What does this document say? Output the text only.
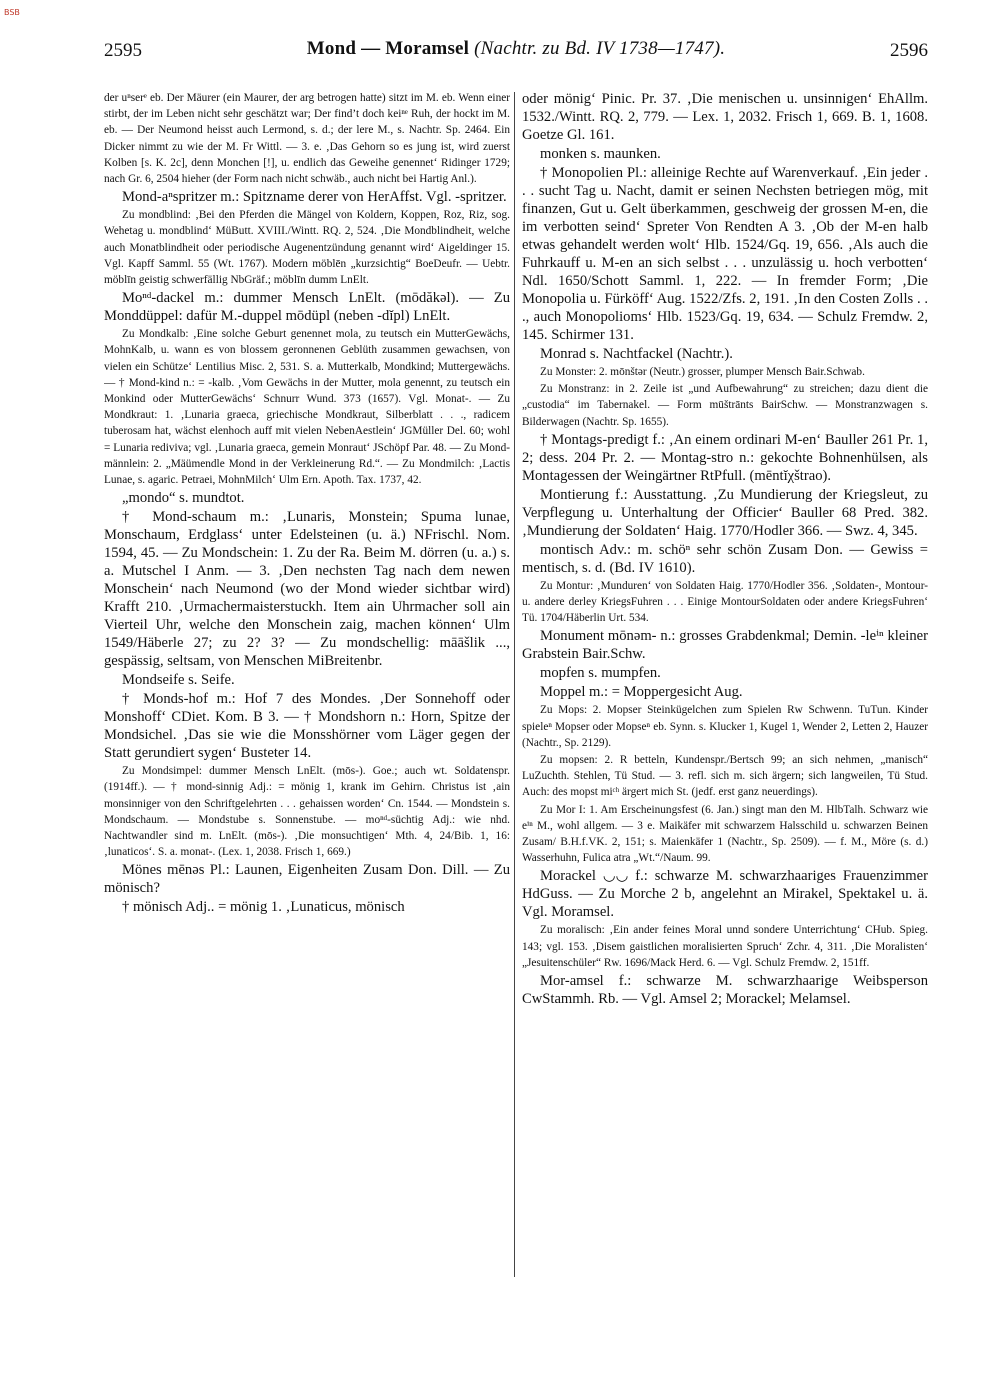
BSB
2595	Mond — Moramsel (Nachtr. zu Bd. IV 1738—1747).	2596

der uⁿserᵉ eb. Der Mäurer (ein Maurer, der arg betrogen hatte) sitzt im M. eb. Wenn einer stirbt, der im Leben nicht sehr geschätzt war; Der find’t doch keiⁿᵉ Ruh, der hockt im M. eb. — Der Neumond heisst auch Lermond, s. d.; der lere M., s. Nachtr. Sp. 2464. Ein Dicker nimmt zu wie der M. Fr Wittl. — 3. e. ‚Das Gehorn so es jung ist, wird zuerst Kolben [s. K. 2c], denn Monchen [!], u. endlich das Geweihe genennet‘ Ridinger 1729; nach Gr. 6, 2504 hieher (der Form nach nicht schwäb., auch nicht bei Hartig Anl.).

Mond-aⁿspritzer m.: Spitzname derer von HerAffst. Vgl. -spritzer.

Zu mondblind: ‚Bei den Pferden die Mängel von Koldern, Koppen, Roz, Riz, sog. Wehetag u. mondblind‘ MüButt. XVIII./Wintt. RQ. 2, 524. ‚Die Mondblindheit, welche auch Monatblindheit oder periodische Augenentzündung genannt wird‘ Aigeldinger 15. Vgl. Kapff Samml. 55 (Wt. 1767). Modern möblēn „kurzsichtig“ BoeDeufr. — Uebtr. möblīn geistig schwerfällig NbGräf.; möblīn dumm LnElt.

Moⁿᵈ-dackel m.: dummer Mensch LnElt. (mōdăkəl). — Zu Monddüppel: dafür M.-duppel mōdüpl (neben -dĭpl) LnElt.

Zu Mondkalb: ‚Eine solche Geburt genennet mola, zu teutsch ein MutterGewächs, MohnKalb, u. wann es von blossem geronnenen Geblüth zusammen gewachsen, von vielen ein Schütze‘ Lentilius Misc. 2, 531. S. a. Mutterkalb, Mondkind; Muttergewächs. — † Mond-kind n.: = -kalb. ‚Vom Gewächs in der Mutter, mola genennt, zu teutsch ein Monkind oder MutterGewächs‘ Schnurr Wund. 373 (1657). Vgl. Monat-. — Zu Mondkraut: 1. ‚Lunaria graeca, griechische Mondkraut, Silberblatt . . ., radicem tuberosam hat, wächst elenhoch auff mit vielen NebenAestlein‘ JGMüller Del. 60; wohl = Lunaria rediviva; vgl. ‚Lunaria graeca, gemein Monraut‘ JSchöpf Par. 48. — Zu Mond-männlein: 2. „Mäümendle Mond in der Verkleinerung Rd.“. — Zu Mondmilch: ‚Lactis Lunae, s. agaric. Petraei, MohnMilch‘ Ulm Ern. Apoth. Tax. 1737, 42.

„mondo“ s. mundtot.

† Mond-schaum m.: ‚Lunaris, Monstein; Spuma lunae, Monschaum, Erdglass‘ unter Edelsteinen (u. ä.) NFrischl. Nom. 1594, 45. — Zu Mondschein: 1. Zu der Ra. Beim M. dörren (u. a.) s. a. Mutschel I Anm. — 3. ‚Den nechsten Tag nach dem newen Monschein‘ nach Neumond (wo der Mond wieder sichtbar wird) Krafft 210. ‚Urmachermaisterstuckh. Item ain Uhrmacher soll ain Vierteil Uhr, welche den Monschein zaig, machen können‘ Ulm 1549/Häberle 27; zu 2? 3? — Zu mondschellig: māāšlik ..., gespässig, seltsam, von Menschen MiBreitenbr.

Mondseife s. Seife.

† Monds-hof m.: Hof 7 des Mondes. ‚Der Sonnehoff oder Monshoff‘ CDiet. Kom. B 3. — † Mondshorn n.: Horn, Spitze der Mondsichel. ‚Das sie wie die Monsshörner vom Läger gegen der Statt gerundiert sygen‘ Busteter 14.

Zu Mondsimpel: dummer Mensch LnElt. (mōs-). Goe.; auch wt. Soldatenspr. (1914ff.). — † mond-sinnig Adj.: = mönig 1, krank im Gehirn. Christus ist ‚ain monsinniger von den Schriftgelehrten . . . gehaissen worden‘ Cn. 1544. — Mondstein s. Mondschaum. — Mondstube s. Sonnenstube. — moⁿᵈ-süchtig Adj.: wie nhd. Nachtwandler sind m. LnElt. (mōs-). ‚Die monsuchtigen‘ Mth. 4, 24/Bib. 1, 16: ‚lunaticos‘. S. a. monat-. (Lex. 1, 2038. Frisch 1, 669.)

Mönes mēnəs Pl.: Launen, Eigenheiten Zusam Don. Dill. — Zu mönisch?

† mönisch Adj.. = mönig 1. ‚Lunaticus, mönisch

oder mönig‘ Pinic. Pr. 37. ‚Die menischen u. unsinnigen‘ EhAllm. 1532./Wintt. RQ. 2, 779. — Lex. 1, 2032. Frisch 1, 669. B. 1, 1608. Goetze Gl. 161.

monken s. maunken.

† Monopolien Pl.: alleinige Rechte auf Warenverkauf. ‚Ein jeder . . . sucht Tag u. Nacht, damit er seinen Nechsten betriegen mög, mit finanzen, Gut u. Gelt überkammen, geschweig der grossen M-en, die im verbotten seind‘ Spreter Von Rendten A 3. ‚Ob der M-en halb etwas gehandelt werden wolt‘ Hlb. 1524/Gq. 19, 656. ‚Als auch die Fuhrkauff u. M-en an sich selbst . . . unzulässig u. hoch verbotten‘ Ndl. 1650/Schott Samml. 1, 222. — In fremder Form; ‚Die Monopolia u. Fürköff‘ Aug. 1522/Zfs. 2, 191. ‚In den Costen Zolls . . ., auch Monopolioms‘ Hlb. 1523/Gq. 19, 634. — Schulz Fremdw. 2, 145. Schirmer 131.

Monrad s. Nachtfackel (Nachtr.).

Zu Monster: 2. mōnštər (Neutr.) grosser, plumper Mensch Bair.Schwab.

Zu Monstranz: in 2. Zeile ist „und Aufbewahrung“ zu streichen; dazu dient die „custodia“ im Tabernakel. — Form mūštrānts BairSchw. — Monstranzwagen s. Bilderwagen (Nachtr. Sp. 1655).

† Montags-predigt f.: ‚An einem ordinari M-en‘ Bauller 261 Pr. 1, 2; dess. 204 Pr. 2. — Montag-stro n.: gekochte Bohnenhülsen, als Montagessen der Weingärtner RtPfull. (mēntĭχštrao).

Montierung f.: Ausstattung. ‚Zu Mundierung der Kriegsleut, zu Verpflegung u. Unterhaltung der Officier‘ Bauller 68 Pred. 382. ‚Mundierung der Soldaten‘ Haig. 1770/Hodler 366. — Swz. 4, 345.

montisch Adv.: m. schöⁿ sehr schön Zusam Don. — Gewiss = mentisch, s. d. (Bd. IV 1610).

Zu Montur: ‚Munduren‘ von Soldaten Haig. 1770/Hodler 356. ‚Soldaten-, Montour- u. andere derley KriegsFuhren . . . Einige MontourSoldaten oder andere KriegsFuhren‘ Tü. 1704/Häberlin Urt. 534.

Monument mōnəm- n.: grosses Grabdenkmal; Demin. -leⁱⁿ kleiner Grabstein Bair.Schw.

mopfen s. mumpfen.

Moppel m.: = Moppergesicht Aug.

Zu Mops: 2. Mopser Steinkügelchen zum Spielen Rw Schwenn. TuTun. Kinder spieleⁿ Mopser oder Mopseⁿ eb. Synn. s. Klucker 1, Kugel 1, Wender 2, Letten 2, Hauzer (Nachtr., Sp. 2129).

Zu mopsen: 2. R betteln, Kundenspr./Bertsch 99; an sich nehmen, „manisch“ LuZuchth. Stehlen, Tü Stud. — 3. refl. sich m. sich ärgern; sich langweilen, Tü Stud. Auch: des mopst miᶜʰ ärgert mich St. (jedf. erst ganz neuerdings).

Zu Mor I: 1. Am Erscheinungsfest (6. Jan.) singt man den M. HlbTalh. Schwarz wie eⁱⁿ M., wohl allgem. — 3 e. Maikäfer mit schwarzem Halsschild u. schwarzen Beinen Zusam/ B.H.f.VK. 2, 151; s. Maienkäfer 1 (Nachtr., Sp. 2509). — f. M., Möre (s. d.) Wasserhuhn, Fulica atra „Wt.“/Naum. 99.

Morackel ◡◡ f.: schwarze M. schwarzhaariges Frauenzimmer HdGuss. — Zu Morche 2 b, angelehnt an Mirakel, Spektakel u. ä. Vgl. Moramsel.

Zu moralisch: ‚Ein ander feines Moral unnd sondere Unterrichtung‘ CHub. Spieg. 143; vgl. 153. ‚Disem gaistlichen moralisierten Spruch‘ Zchr. 4, 311. ‚Die Moralisten‘ „Jesuitenschüler“ Rw. 1696/Mack Herd. 6. — Vgl. Schulz Fremdw. 2, 151ff.

Mor-amsel f.: schwarze M. schwarzhaarige Weibsperson CwStammh. Rb. — Vgl. Amsel 2; Morackel; Melamsel.
